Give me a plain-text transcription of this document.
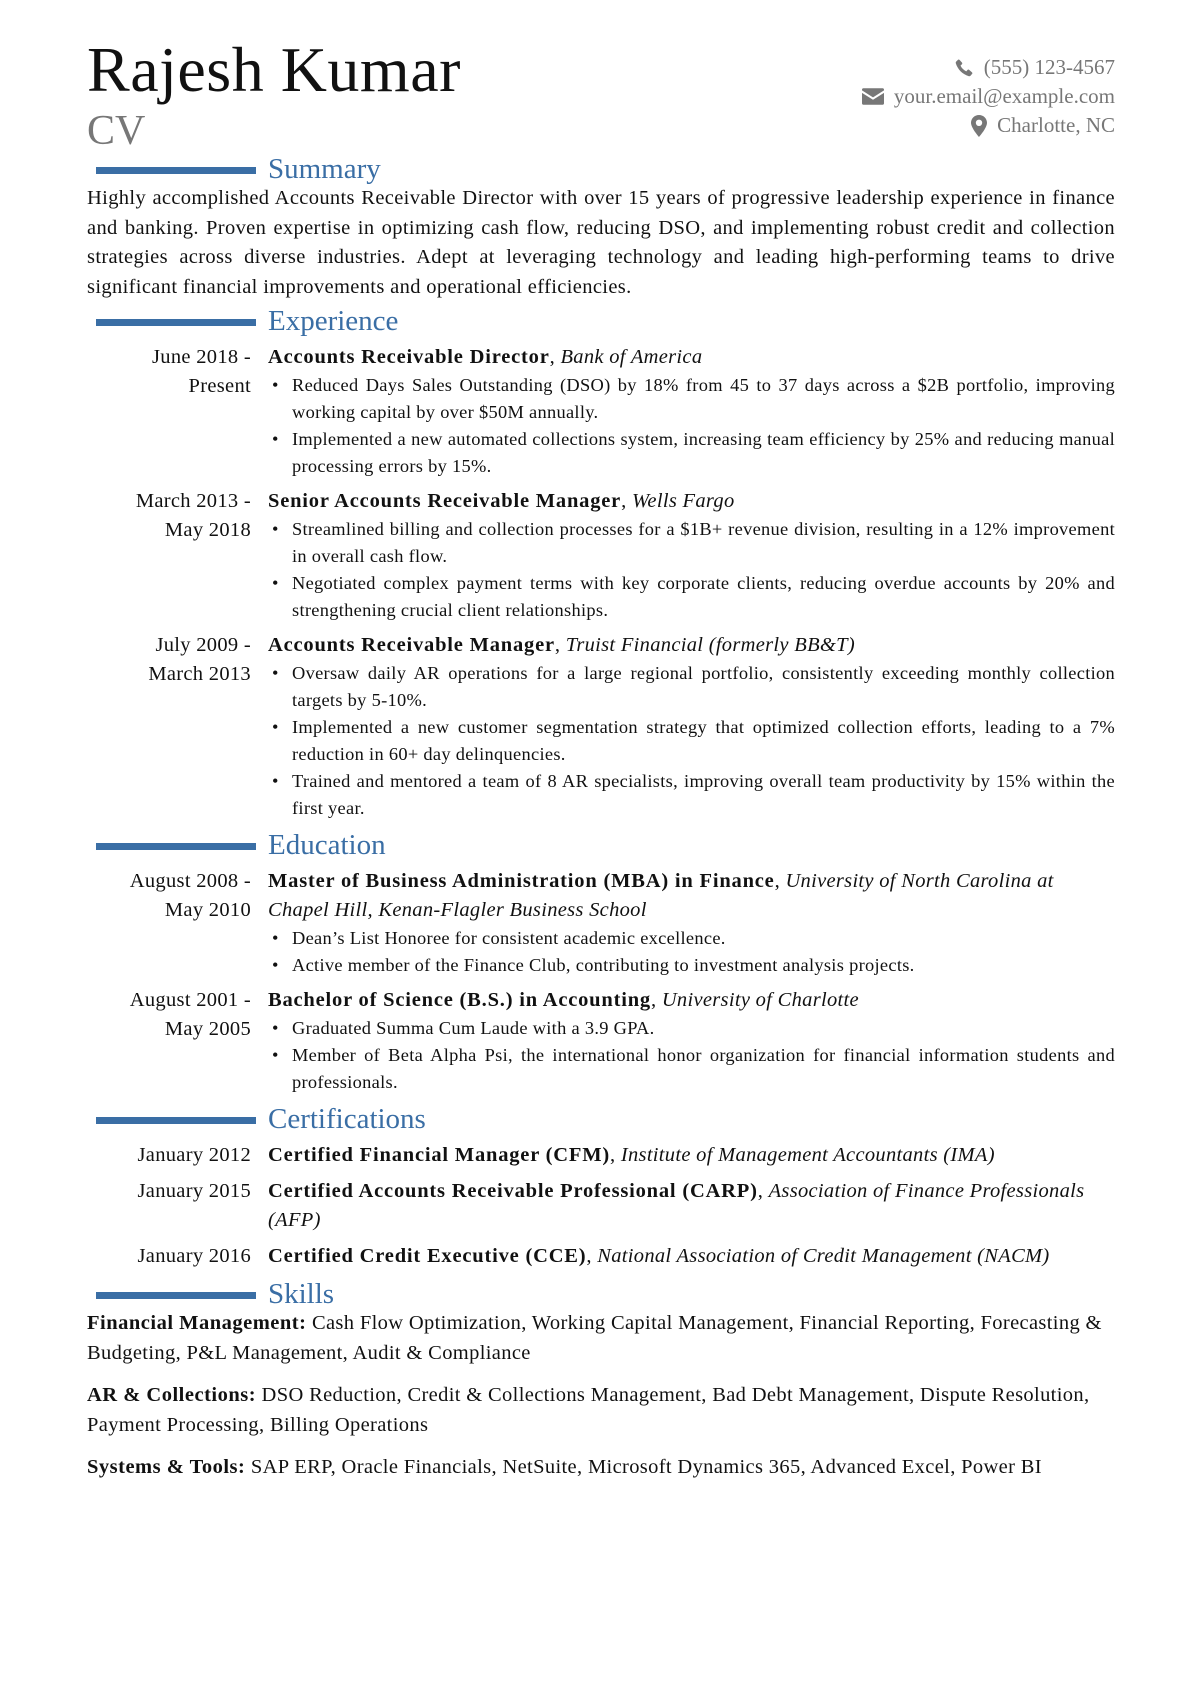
Rajesh Kumar
CV
(555) 123-4567
your.email@example.com
Charlotte, NC
Summary

Highly accomplished Accounts Receivable Director with over 15 years of progressive leadership experience in finance and banking. Proven expertise in optimizing cash flow, reducing DSO, and implementing robust credit and collection strategies across diverse industries. Adept at leveraging technology and leading high-performing teams to drive significant financial improvements and operational efficiencies.

Experience
June 2018 -
Present
Accounts Receivable Director, Bank of America
• Reduced Days Sales Outstanding (DSO) by 18% from 45 to 37 days across a $2B portfolio, improving working capital by over $50M annually.
• Implemented a new automated collections system, increasing team efficiency by 25% and reducing manual processing errors by 15%.
March 2013 -
May 2018
Senior Accounts Receivable Manager, Wells Fargo
• Streamlined billing and collection processes for a $1B+ revenue division, resulting in a 12% improvement in overall cash flow.
• Negotiated complex payment terms with key corporate clients, reducing overdue accounts by 20% and strengthening crucial client relationships.
July 2009 -
March 2013
Accounts Receivable Manager, Truist Financial (formerly BB&T)
• Oversaw daily AR operations for a large regional portfolio, consistently exceeding monthly collection targets by 5-10%.
• Implemented a new customer segmentation strategy that optimized collection efforts, leading to a 7% reduction in 60+ day delinquencies.
• Trained and mentored a team of 8 AR specialists, improving overall team productivity by 15% within the first year.
Education
August 2008 -
May 2010
Master of Business Administration (MBA) in Finance, University of North Carolina at Chapel Hill, Kenan-Flagler Business School
• Dean’s List Honoree for consistent academic excellence.
• Active member of the Finance Club, contributing to investment analysis projects.
August 2001 -
May 2005
Bachelor of Science (B.S.) in Accounting, University of Charlotte
• Graduated Summa Cum Laude with a 3.9 GPA.
• Member of Beta Alpha Psi, the international honor organization for financial information students and professionals.
Certifications
January 2012 Certified Financial Manager (CFM), Institute of Management Accountants (IMA)
January 2015 Certified Accounts Receivable Professional (CARP), Association of Finance Professionals (AFP)
January 2016 Certified Credit Executive (CCE), National Association of Credit Management (NACM)
Skills
Financial Management: Cash Flow Optimization, Working Capital Management, Financial Reporting, Forecasting & Budgeting, P&L Management, Audit & Compliance
AR & Collections: DSO Reduction, Credit & Collections Management, Bad Debt Management, Dispute Resolution, Payment Processing, Billing Operations
Systems & Tools: SAP ERP, Oracle Financials, NetSuite, Microsoft Dynamics 365, Advanced Excel, Power BI
